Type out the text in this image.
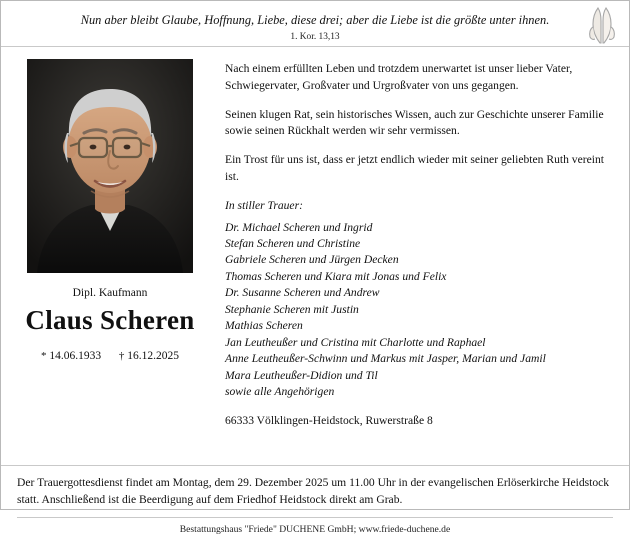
Nun aber bleibt Glaube, Hoffnung, Liebe, diese drei; aber die Liebe ist die größte unter ihnen.
1. Kor. 13,13
Dipl. Kaufmann
Claus Scheren
* 14.06.1933 † 16.12.2025

Nach einem erfüllten Leben und trotzdem unerwartet ist unser lieber Vater, Schwiegervater, Großvater und Urgroßvater von uns gegangen.

Seinen klugen Rat, sein historisches Wissen, auch zur Geschichte unserer Familie sowie seinen Rückhalt werden wir sehr vermissen.

Ein Trost für uns ist, dass er jetzt endlich wieder mit seiner geliebten Ruth vereint ist.

In stiller Trauer:

Dr. Michael Scheren und Ingrid
Stefan Scheren und Christine
Gabriele Scheren und Jürgen Decken
Thomas Scheren und Kiara mit Jonas und Felix
Dr. Susanne Scheren und Andrew
Stephanie Scheren mit Justin
Mathias Scheren
Jan Leutheußer und Cristina mit Charlotte und Raphael
Anne Leutheußer-Schwinn und Markus mit Jasper, Marian und Jamil
Mara Leutheußer-Didion und Til
sowie alle Angehörigen

66333 Völklingen-Heidstock, Ruwerstraße 8

Der Trauergottesdienst findet am Montag, dem 29. Dezember 2025 um 11.00 Uhr in der evangelischen Erlöserkirche Heidstock statt. Anschließend ist die Beerdigung auf dem Friedhof Heidstock direkt am Grab.

Bestattungshaus "Friede" DUCHENE GmbH; www.friede-duchene.de
